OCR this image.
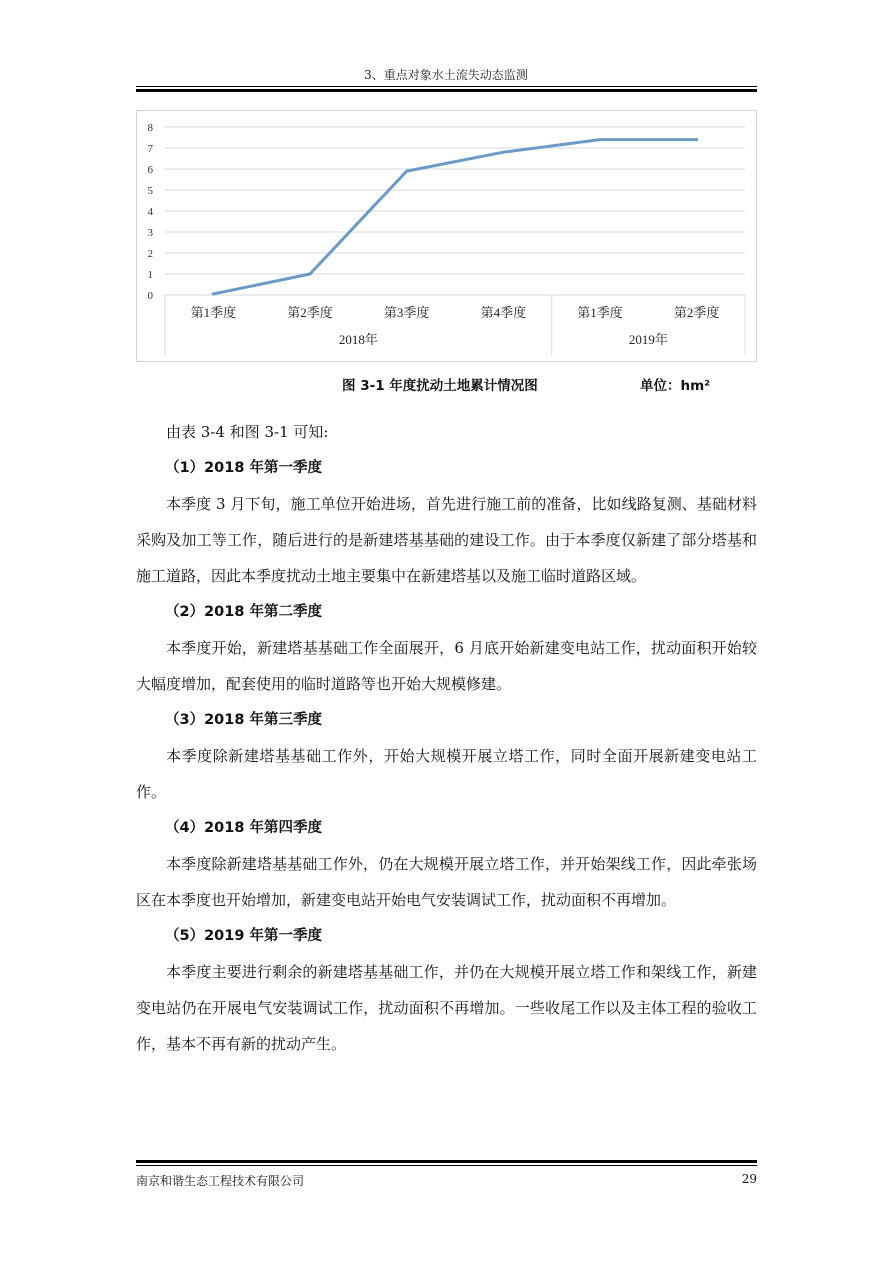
3、重点对象水土流失动态监测
0
1
2
3
4
5
6
7
8
第1季度	第2季度	第3季度	第4季度	第1季度	第2季度
2018年	2019年
图 3-1 年度扰动土地累计情况图	单位：hm²

由表 3-4 和图 3-1 可知:

（1）2018 年第一季度

本季度 3 月下旬，施工单位开始进场，首先进行施工前的准备，比如线路复测、基础材料采购及加工等工作，随后进行的是新建塔基基础的建设工作。由于本季度仅新建了部分塔基和施工道路，因此本季度扰动土地主要集中在新建塔基以及施工临时道路区域。

（2）2018 年第二季度

本季度开始，新建塔基基础工作全面展开，6 月底开始新建变电站工作，扰动面积开始较大幅度增加，配套使用的临时道路等也开始大规模修建。

（3）2018 年第三季度

本季度除新建塔基基础工作外，开始大规模开展立塔工作，同时全面开展新建变电站工作。

（4）2018 年第四季度

本季度除新建塔基基础工作外，仍在大规模开展立塔工作，并开始架线工作，因此牵张场区在本季度也开始增加，新建变电站开始电气安装调试工作，扰动面积不再增加。

（5）2019 年第一季度

本季度主要进行剩余的新建塔基基础工作，并仍在大规模开展立塔工作和架线工作，新建变电站仍在开展电气安装调试工作，扰动面积不再增加。一些收尾工作以及主体工程的验收工作，基本不再有新的扰动产生。

南京和谐生态工程技术有限公司	29
